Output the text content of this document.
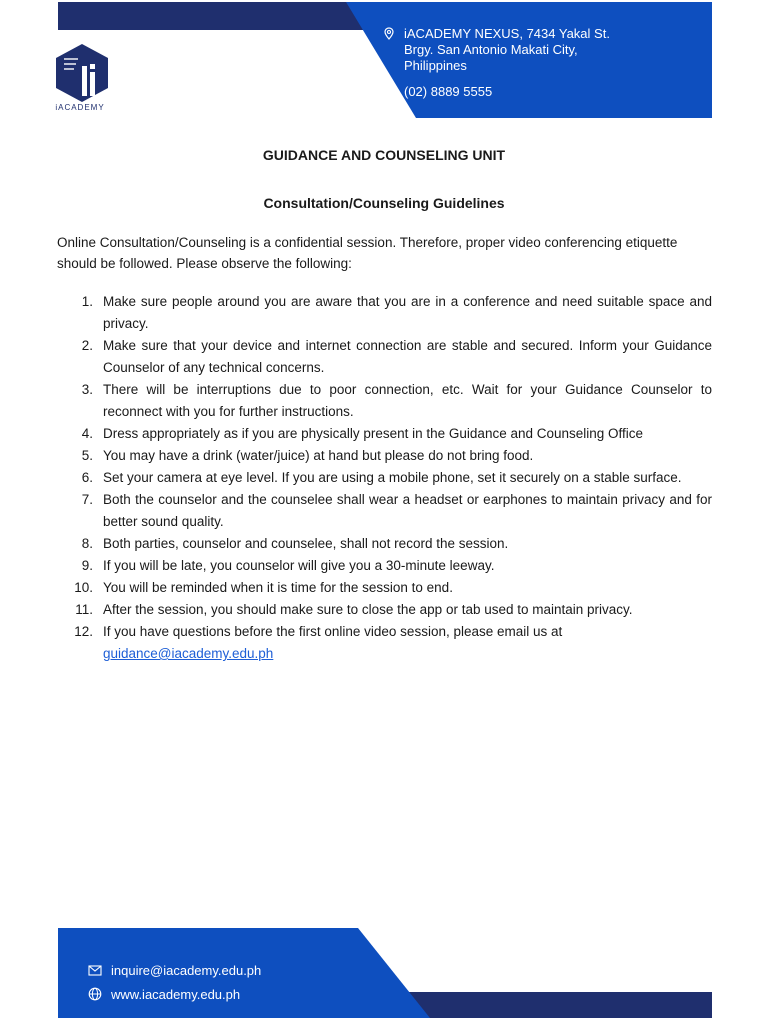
iACADEMY
iACADEMY NEXUS, 7434 Yakal St.
Brgy. San Antonio Makati City,
Philippines
(02) 8889 5555
GUIDANCE AND COUNSELING UNIT
Consultation/Counseling Guidelines
Online Consultation/Counseling is a confidential session. Therefore, proper video conferencing etiquette should be followed. Please observe the following:
1. Make sure people around you are aware that you are in a conference and need suitable space and privacy.
2. Make sure that your device and internet connection are stable and secured. Inform your Guidance Counselor of any technical concerns.
3. There will be interruptions due to poor connection, etc. Wait for your Guidance Counselor to reconnect with you for further instructions.
4. Dress appropriately as if you are physically present in the Guidance and Counseling Office
5. You may have a drink (water/juice) at hand but please do not bring food.
6. Set your camera at eye level. If you are using a mobile phone, set it securely on a stable surface.
7. Both the counselor and the counselee shall wear a headset or earphones to maintain privacy and for better sound quality.
8. Both parties, counselor and counselee, shall not record the session.
9. If you will be late, you counselor will give you a 30-minute leeway.
10. You will be reminded when it is time for the session to end.
11. After the session, you should make sure to close the app or tab used to maintain privacy.
12. If you have questions before the first online video session, please email us at
guidance@iacademy.edu.ph
inquire@iacademy.edu.ph
www.iacademy.edu.ph
